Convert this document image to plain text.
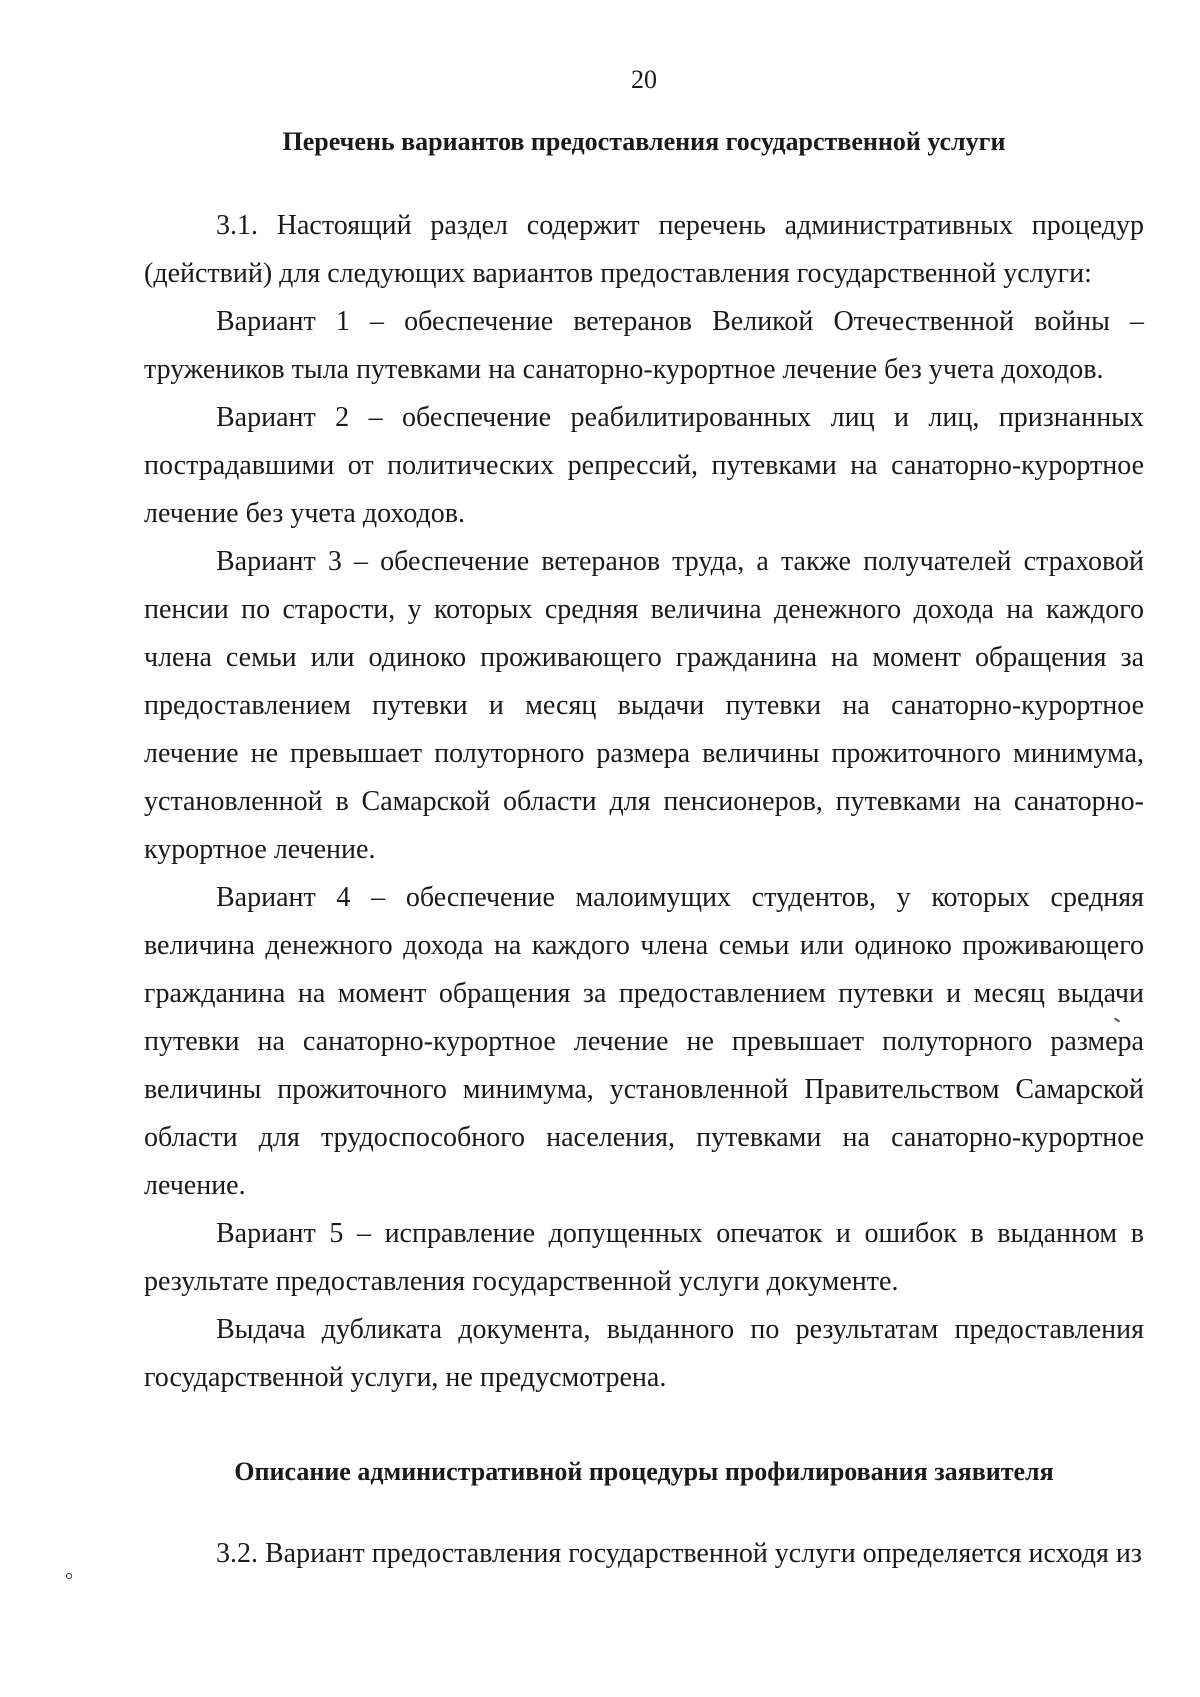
20
Перечень вариантов предоставления государственной услуги

3.1. Настоящий раздел содержит перечень административных процедур (действий) для следующих вариантов предоставления государственной услуги:

Вариант 1 – обеспечение ветеранов Великой Отечественной войны – тружеников тыла путевками на санаторно-курортное лечение без учета доходов.

Вариант 2 – обеспечение реабилитированных лиц и лиц, признанных пострадавшими от политических репрессий, путевками на санаторно-курортное лечение без учета доходов.

Вариант 3 – обеспечение ветеранов труда, а также получателей страховой пенсии по старости, у которых средняя величина денежного дохода на каждого члена семьи или одиноко проживающего гражданина на момент обращения за предоставлением путевки и месяц выдачи путевки на санаторно-курортное лечение не превышает полуторного размера величины прожиточного минимума, установленной в Самарской области для пенсионеров, путевками на санаторно-курортное лечение.

Вариант 4 – обеспечение малоимущих студентов, у которых средняя величина денежного дохода на каждого члена семьи или одиноко проживающего гражданина на момент обращения за предоставлением путевки и месяц выдачи путевки на санаторно-курортное лечение не превышает полуторного размера величины прожиточного минимума, установленной Правительством Самарской области для трудоспособного населения, путевками на санаторно-курортное лечение.

Вариант 5 – исправление допущенных опечаток и ошибок в выданном в результате предоставления государственной услуги документе.

Выдача дубликата документа, выданного по результатам предоставления государственной услуги, не предусмотрена.

Описание административной процедуры профилирования заявителя

3.2. Вариант предоставления государственной услуги определяется исходя из
